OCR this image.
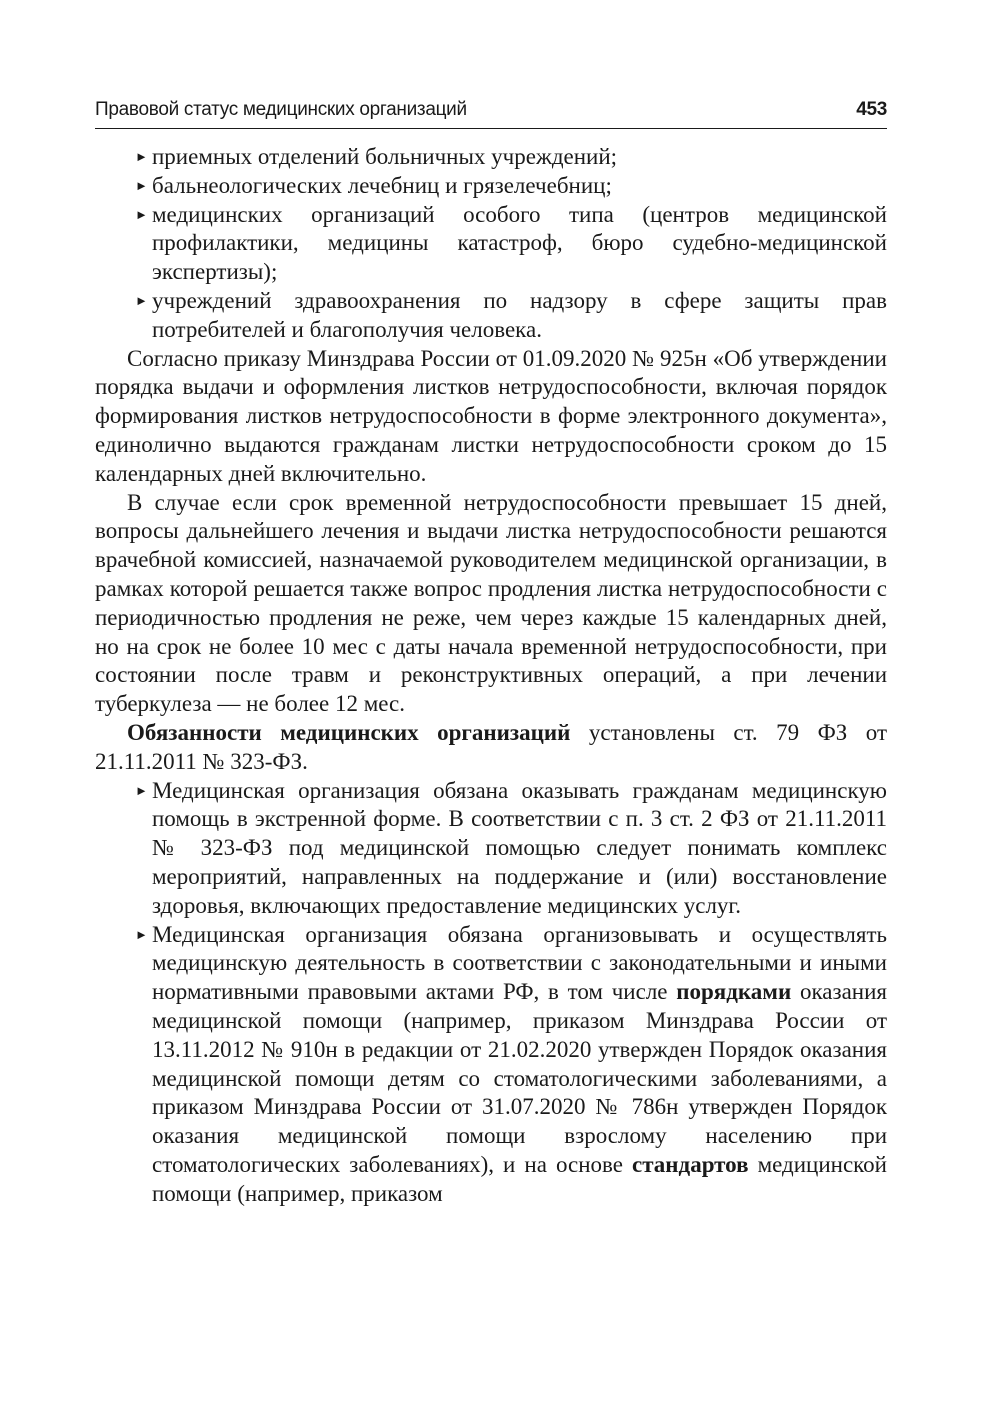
Правовой статус медицинских организаций	453
► приемных отделений больничных учреждений;
► бальнеологических лечебниц и грязелечебниц;
► медицинских организаций особого типа (центров медицинской профилактики, медицины катастроф, бюро судебно-медицинской экспертизы);
► учреждений здравоохранения по надзору в сфере защиты прав потребителей и благополучия человека.

Согласно приказу Минздрава России от 01.09.2020 № 925н «Об утверждении порядка выдачи и оформления листков нетрудоспособности, включая порядок формирования листков нетрудоспособности в форме электронного документа», единолично выдаются гражданам листки нетрудоспособности сроком до 15 календарных дней включительно.

В случае если срок временной нетрудоспособности превышает 15 дней, вопросы дальнейшего лечения и выдачи листка нетрудоспособности решаются врачебной комиссией, назначаемой руководителем медицинской организации, в рамках которой решается также вопрос продления листка нетрудоспособности с периодичностью продления не реже, чем через каждые 15 календарных дней, но на срок не более 10 мес с даты начала временной нетрудоспособности, при состоянии после травм и реконструктивных операций, а при лечении туберкулеза — не более 12 мес.

Обязанности медицинских организаций установлены ст. 79 ФЗ от 21.11.2011 № 323-ФЗ.

► Медицинская организация обязана оказывать гражданам медицинскую помощь в экстренной форме. В соответствии с п. 3 ст. 2 ФЗ от 21.11.2011 № 323-ФЗ под медицинской помощью следует понимать комплекс мероприятий, направленных на поддержание и (или) восстановление здоровья, включающих предоставление медицинских услуг.
► Медицинская организация обязана организовывать и осуществлять медицинскую деятельность в соответствии с законодательными и иными нормативными правовыми актами РФ, в том числе порядками оказания медицинской помощи (например, приказом Минздрава России от 13.11.2012 № 910н в редакции от 21.02.2020 утвержден Порядок оказания медицинской помощи детям со стоматологическими заболеваниями, а приказом Минздрава России от 31.07.2020 № 786н утвержден Порядок оказания медицинской помощи взрослому населению при стоматологических заболеваниях), и на основе стандартов медицинской помощи (например, приказом
